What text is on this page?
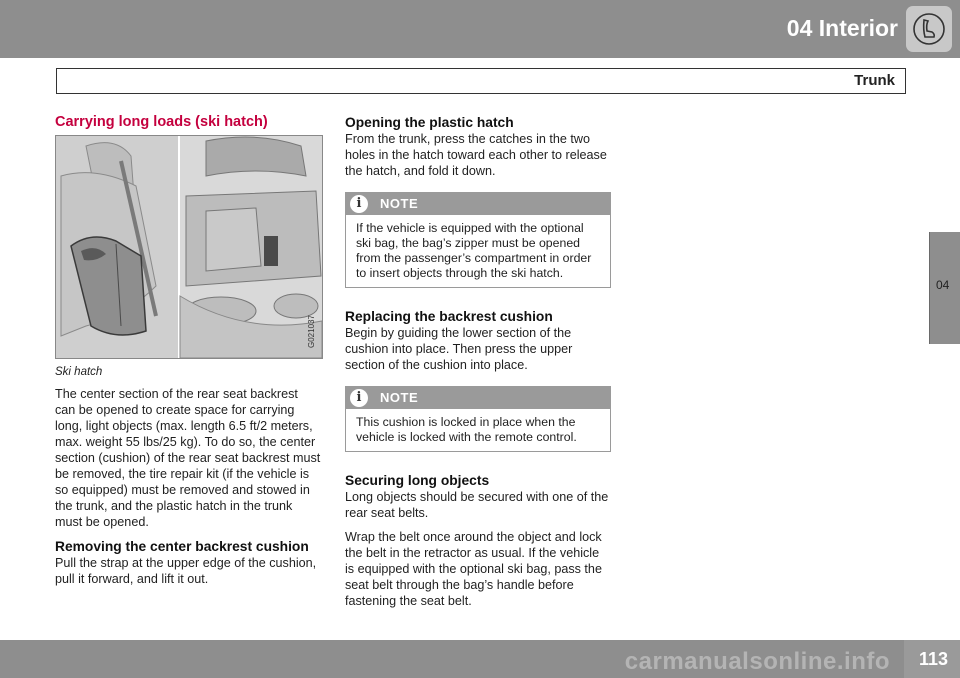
04 Interior
Trunk
04
Carrying long loads (ski hatch)
G021037
Ski hatch

The center section of the rear seat backrest can be opened to create space for carrying long, light objects (max. length 6.5 ft/2 meters, max. weight 55 lbs/25 kg). To do so, the center section (cushion) of the rear seat backrest must be removed, the tire repair kit (if the vehicle is so equipped) must be removed and stowed in the trunk, and the plastic hatch in the trunk must be opened.

Removing the center backrest cushion

Pull the strap at the upper edge of the cushion, pull it forward, and lift it out.

Opening the plastic hatch

From the trunk, press the catches in the two holes in the hatch toward each other to release the hatch, and fold it down.

i	NOTE
If the vehicle is equipped with the optional ski bag, the bag’s zipper must be opened from the passenger’s compartment in order to insert objects through the ski hatch.
Replacing the backrest cushion

Begin by guiding the lower section of the cushion into place. Then press the upper section of the cushion into place.

i	NOTE
This cushion is locked in place when the vehicle is locked with the remote control.
Securing long objects

Long objects should be secured with one of the rear seat belts.

Wrap the belt once around the object and lock the belt in the retractor as usual. If the vehicle is equipped with the optional ski bag, pass the seat belt through the bag’s handle before fastening the seat belt.

carmanualsonline.info 113
